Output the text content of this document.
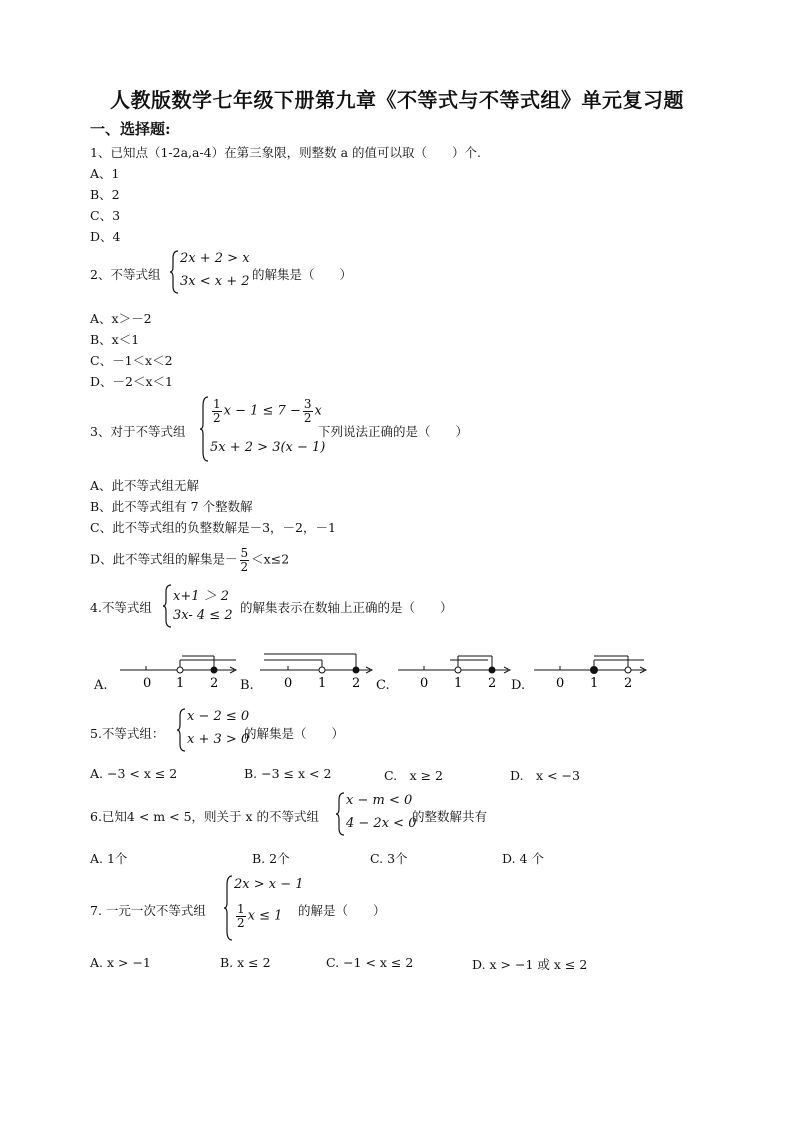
人教版数学七年级下册第九章《不等式与不等式组》单元复习题
一、选择题:
1、已知点（1-2a,a-4）在第三象限，则整数 a 的值可以取（　　）个.
A、1
B、2
C、3
D、4
2、不等式组
2x + 2 > x
3x < x + 2 的解集是（　　）
A、x＞－2
B、x＜1
C、－1＜x＜2
D、－2＜x＜1
3、对于不等式组
$\frac{1}{2}$ $x - 1 \le 7 - \frac{3}{2}$ x
5x + 2 > 3(x − 1)
下列说法正确的是（　　）
A、此不等式组无解
B、此不等式组有 7 个整数解
C、此不等式组的负整数解是－3，－2，－1
D、此不等式组的解集是－ $\frac{5}{2} <x\le 2$
4.不等式组
x+1 ＞ 2
3x- 4 ≤ 2
的解集表示在数轴上正确的是（　　）
A.	0 1 2 B. 0 1 2 C. 0 1 2 D. 0 1 2
5.不等式组：
x − 2 ≤ 0
x + 3 > 0
的解集是（　　）
A. −3 < x ≤ 2	B. −3 ≤ x < 2	C.　x ≥ 2	D.　x < −3
6.已知4 < m < 5，则关于 x 的不等式组
x − m < 0
4 − 2x < 0
的整数解共有
A. 1个	B. 2个	C. 3个	D. 4 个
7. 一元一次不等式组
2x > x − 1
$\frac{1}{2}$ x ≤ 1 的解是（　　）
A. x > −1	B. x ≤ 2	C. −1 < x ≤ 2	D. x > −1 或 x ≤ 2
